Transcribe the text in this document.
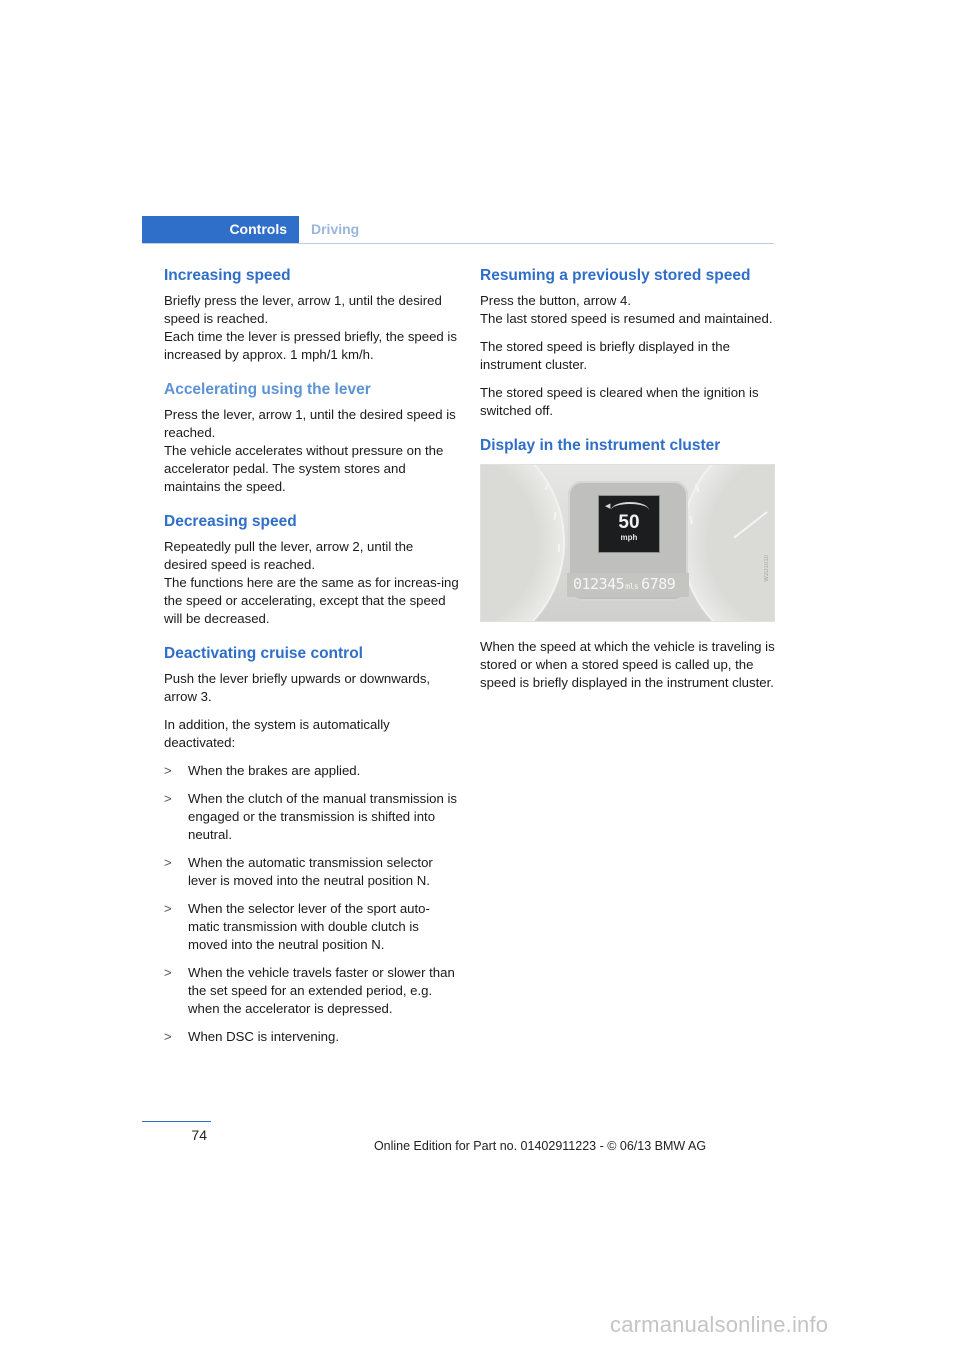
Controls	Driving
Increasing speed

Briefly press the lever, arrow 1, until the desired speed is reached.

Each time the lever is pressed briefly, the speed is increased by approx. 1 mph/1 km/h.

Accelerating using the lever

Press the lever, arrow 1, until the desired speed is reached.

The vehicle accelerates without pressure on the accelerator pedal. The system stores and maintains the speed.

Decreasing speed

Repeatedly pull the lever, arrow 2, until the desired speed is reached.

The functions here are the same as for increas-ing the speed or accelerating, except that the speed will be decreased.

Deactivating cruise control

Push the lever briefly upwards or downwards, arrow 3.

In addition, the system is automatically deactivated:

> When the brakes are applied.
> When the clutch of the manual transmission is engaged or the transmission is shifted into neutral.
> When the automatic transmission selector lever is moved into the neutral position N.
> When the selector lever of the sport auto-matic transmission with double clutch is moved into the neutral position N.
> When the vehicle travels faster or slower than the set speed for an extended period, e.g. when the accelerator is depressed.
> When DSC is intervening.
Resuming a previously stored speed

Press the button, arrow 4.

The last stored speed is resumed and maintained.

The stored speed is briefly displayed in the instrument cluster.

The stored speed is cleared when the ignition is switched off.

Display in the instrument cluster
◀
50
mph
012345mls 6789
W2D1010

When the speed at which the vehicle is traveling is stored or when a stored speed is called up, the speed is briefly displayed in the instrument cluster.

74
Online Edition for Part no. 01402911223 - © 06/13 BMW AG
carmanualsonline.info
